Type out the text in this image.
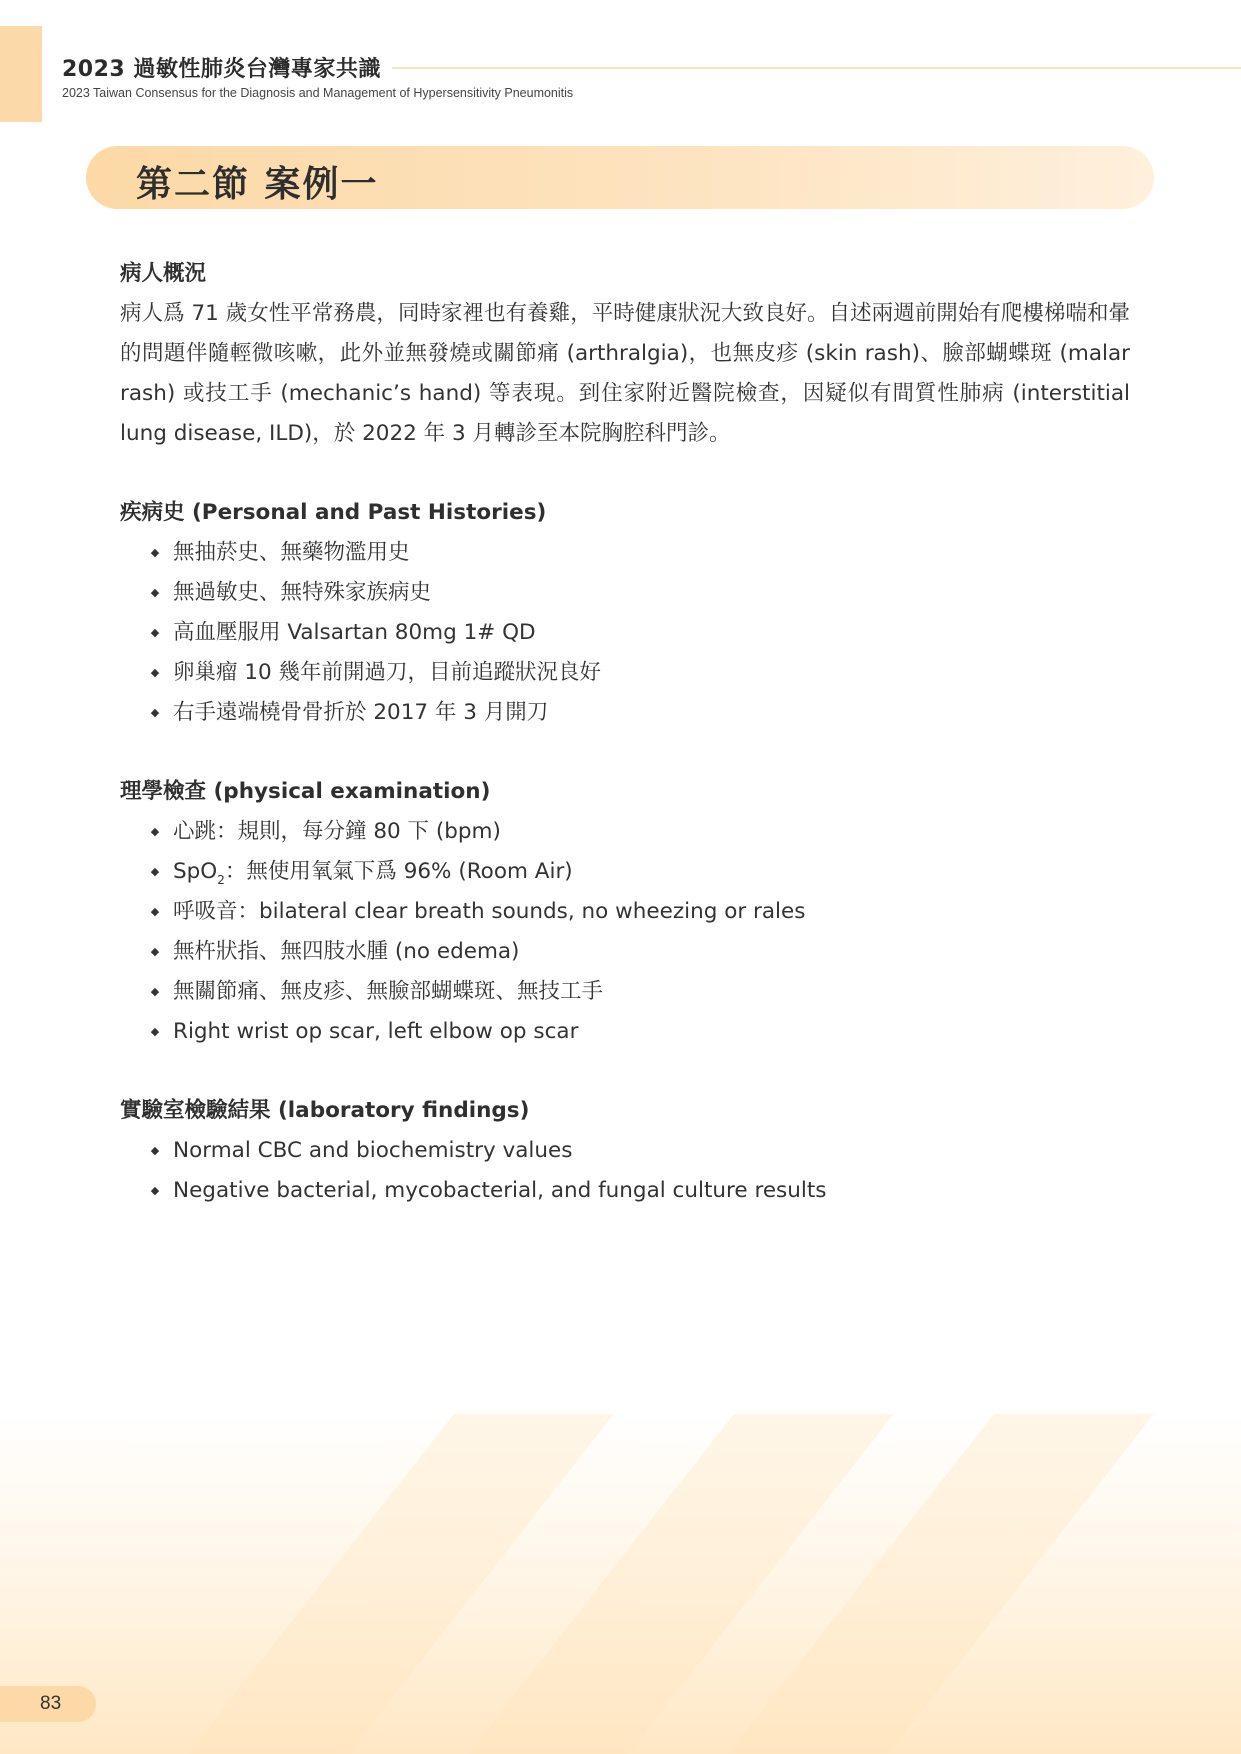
2023 過敏性肺炎台灣專家共識

2023 Taiwan Consensus for the Diagnosis and Management of Hypersensitivity Pneumonitis

第二節 案例一
病人概況

病人爲 71 歲女性平常務農，同時家裡也有養雞，平時健康狀況大致良好。自述兩週前開始有爬樓梯喘和暈的問題伴隨輕微咳嗽，此外並無發燒或關節痛 (arthralgia)，也無皮疹 (skin rash)、臉部蝴蝶斑 (malar rash) 或技工手 (mechanic’s hand) 等表現。到住家附近醫院檢查，因疑似有間質性肺病 (interstitial lung disease, ILD)，於 2022 年 3 月轉診至本院胸腔科門診。

疾病史 (Personal and Past Histories)
◆ 無抽菸史、無藥物濫用史
◆ 無過敏史、無特殊家族病史
◆ 高血壓服用 Valsartan 80mg 1# QD
◆ 卵巢瘤 10 幾年前開過刀，目前追蹤狀況良好
◆ 右手遠端橈骨骨折於 2017 年 3 月開刀
理學檢查 (physical examination)
◆ 心跳：規則，每分鐘 80 下 (bpm)
◆ SpO$_2$：無使用氧氣下爲 96% (Room Air)
◆ 呼吸音：bilateral clear breath sounds, no wheezing or rales
◆ 無杵狀指、無四肢水腫 (no edema)
◆ 無關節痛、無皮疹、無臉部蝴蝶斑、無技工手
◆ Right wrist op scar, left elbow op scar
實驗室檢驗結果 (laboratory findings)
◆ Normal CBC and biochemistry values
◆ Negative bacterial, mycobacterial, and fungal culture results
83
